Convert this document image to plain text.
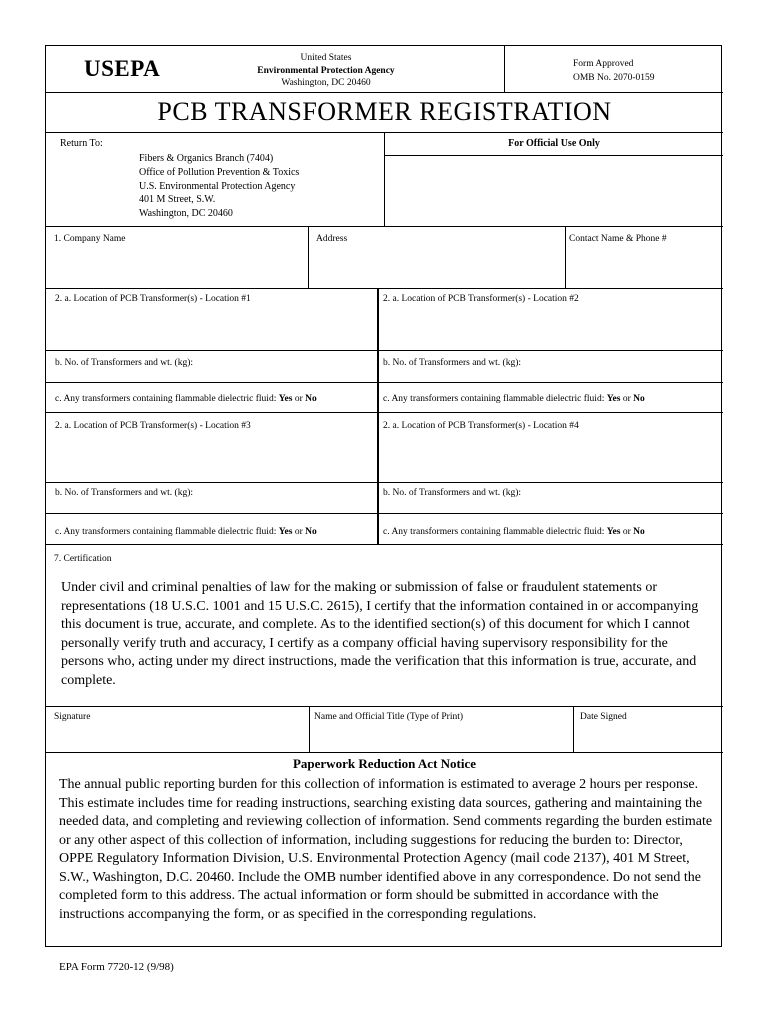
USEPA	United States
Environmental Protection Agency
Washington, DC 20460
Form Approved
OMB No. 2070-0159
PCB TRANSFORMER REGISTRATION
Return To:
Fibers & Organics Branch (7404)
Office of Pollution Prevention & Toxics
U.S. Environmental Protection Agency
401 M Street, S.W.
Washington, DC 20460
For Official Use Only
1. Company Name	Address	Contact Name & Phone #
2. a. Location of PCB Transformer(s) - Location #1	2. a. Location of PCB Transformer(s) - Location #2
b. No. of Transformers and wt. (kg):	b. No. of Transformers and wt. (kg):
c. Any transformers containing flammable dielectric fluid: Yes or No	c. Any transformers containing flammable dielectric fluid: Yes or No
2. a. Location of PCB Transformer(s) - Location #3	2. a. Location of PCB Transformer(s) - Location #4
b. No. of Transformers and wt. (kg):	b. No. of Transformers and wt. (kg):
c. Any transformers containing flammable dielectric fluid: Yes or No	c. Any transformers containing flammable dielectric fluid: Yes or No
7. Certification
Under civil and criminal penalties of law for the making or submission of false or fraudulent statements or representations (18 U.S.C. 1001 and 15 U.S.C. 2615), I certify that the information contained in or accompanying this document is true, accurate, and complete. As to the identified section(s) of this document for which I cannot personally verify truth and accuracy, I certify as a company official having supervisory responsibility for the persons who, acting under my direct instructions, made the verification that this information is true, accurate, and complete.
Signature	Name and Official Title (Type of Print)	Date Signed
Paperwork Reduction Act Notice
The annual public reporting burden for this collection of information is estimated to average 2 hours per response. This estimate includes time for reading instructions, searching existing data sources, gathering and maintaining the needed data, and completing and reviewing collection of information. Send comments regarding the burden estimate or any other aspect of this collection of information, including suggestions for reducing the burden to: Director, OPPE Regulatory Information Division, U.S. Environmental Protection Agency (mail code 2137), 401 M Street, S.W., Washington, D.C. 20460. Include the OMB number identified above in any correspondence. Do not send the completed form to this address. The actual information or form should be submitted in accordance with the instructions accompanying the form, or as specified in the corresponding regulations.
EPA Form 7720-12 (9/98)
